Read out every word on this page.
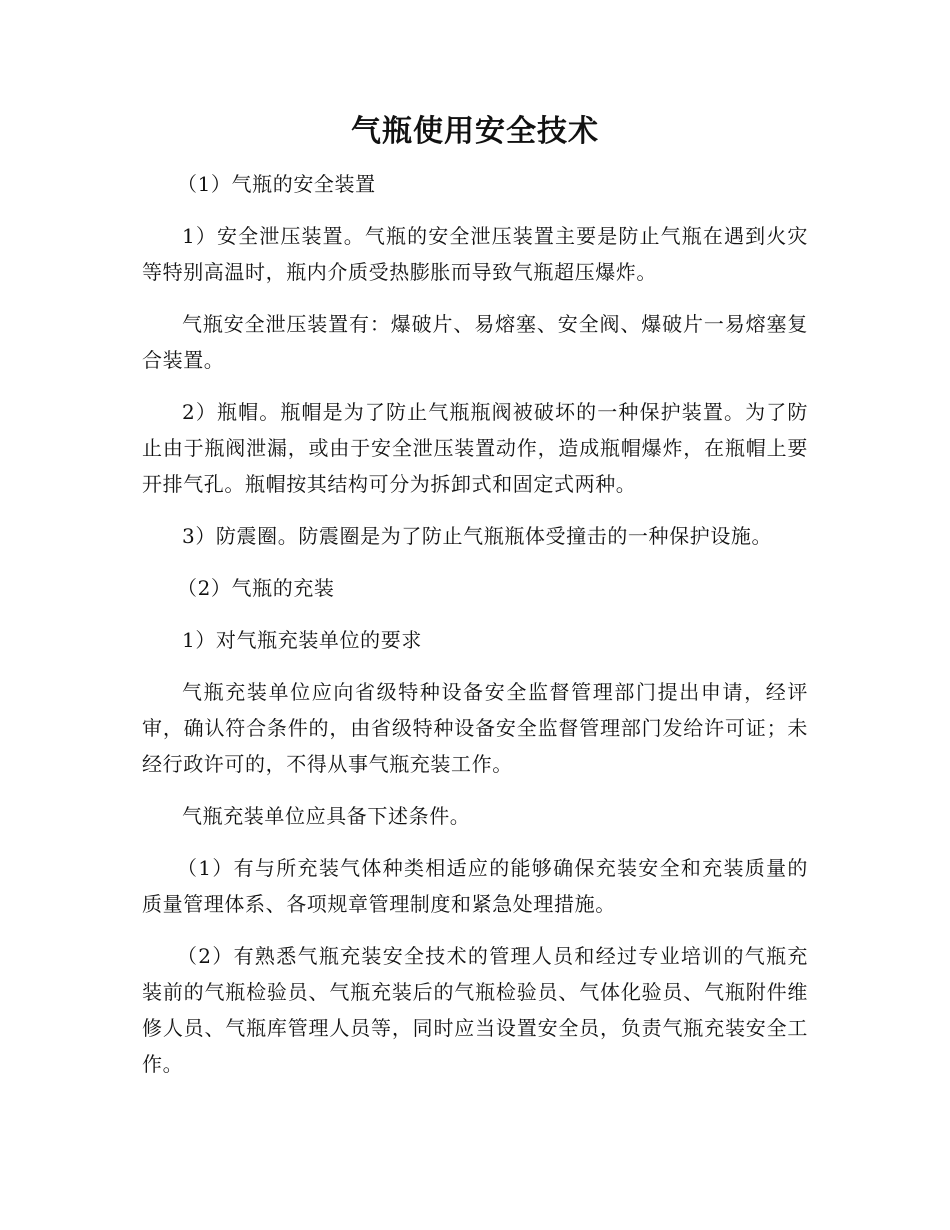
气瓶使用安全技术

（1）气瓶的安全装置

1）安全泄压装置。气瓶的安全泄压装置主要是防止气瓶在遇到火灾等特别高温时，瓶内介质受热膨胀而导致气瓶超压爆炸。

气瓶安全泄压装置有：爆破片、易熔塞、安全阀、爆破片一易熔塞复合装置。

2）瓶帽。瓶帽是为了防止气瓶瓶阀被破坏的一种保护装置。为了防止由于瓶阀泄漏，或由于安全泄压装置动作，造成瓶帽爆炸，在瓶帽上要开排气孔。瓶帽按其结构可分为拆卸式和固定式两种。

3）防震圈。防震圈是为了防止气瓶瓶体受撞击的一种保护设施。

（2）气瓶的充装

1）对气瓶充装单位的要求

气瓶充装单位应向省级特种设备安全监督管理部门提出申请，经评审，确认符合条件的，由省级特种设备安全监督管理部门发给许可证；未经行政许可的，不得从事气瓶充装工作。

气瓶充装单位应具备下述条件。

（1）有与所充装气体种类相适应的能够确保充装安全和充装质量的质量管理体系、各项规章管理制度和紧急处理措施。

（2）有熟悉气瓶充装安全技术的管理人员和经过专业培训的气瓶充装前的气瓶检验员、气瓶充装后的气瓶检验员、气体化验员、气瓶附件维修人员、气瓶库管理人员等，同时应当设置安全员，负责气瓶充装安全工作。
